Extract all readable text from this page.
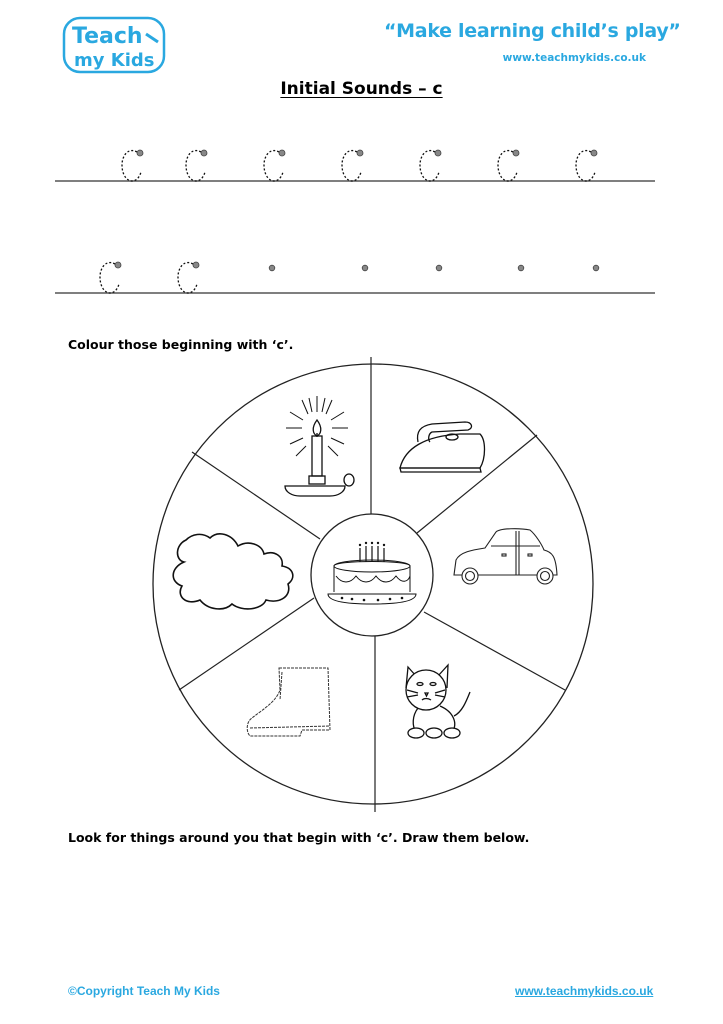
Teach
my Kids
“Make learning child’s play”
www.teachmykids.co.uk
Initial Sounds – c
Colour those beginning with ‘c’.
Look for things around you that begin with ‘c’. Draw them below.
©Copyright Teach My Kids	www.teachmykids.co.uk
